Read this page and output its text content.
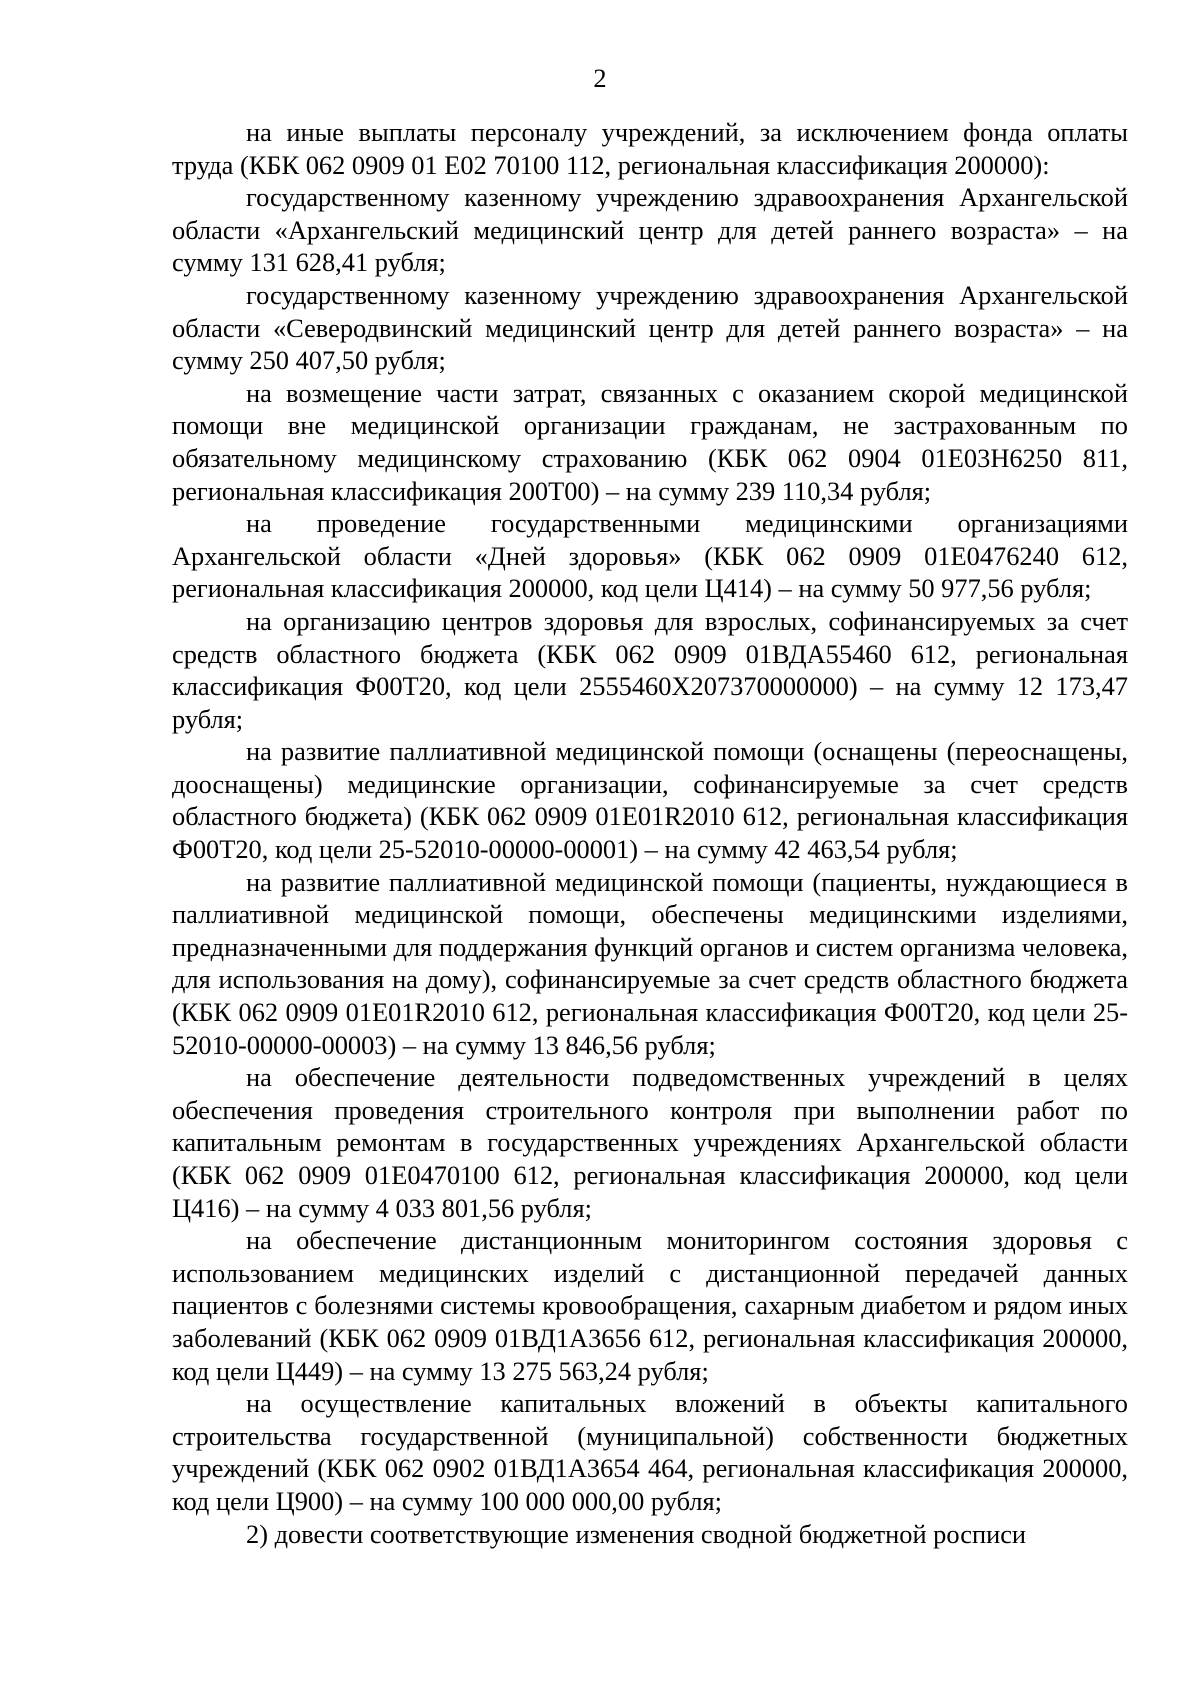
2

на иные выплаты персоналу учреждений, за исключением фонда оплаты труда (КБК 062 0909 01 Е02 70100 112, региональная классификация 200000):

государственному казенному учреждению здравоохранения Архангельской области «Архангельский медицинский центр для детей раннего возраста» – на сумму 131 628,41 рубля;

государственному казенному учреждению здравоохранения Архангельской области «Северодвинский медицинский центр для детей раннего возраста» – на сумму 250 407,50 рубля;

на возмещение части затрат, связанных с оказанием скорой медицинской помощи вне медицинской организации гражданам, не застрахованным по обязательному медицинскому страхованию (КБК 062 0904 01Е03Н6250 811, региональная классификация 200Т00) – на сумму 239 110,34 рубля;

на проведение государственными медицинскими организациями Архангельской области «Дней здоровья» (КБК 062 0909 01Е0476240 612, региональная классификация 200000, код цели Ц414) – на сумму 50 977,56 рубля;

на организацию центров здоровья для взрослых, софинансируемых за счет средств областного бюджета (КБК 062 0909 01ВДА55460 612, региональная классификация Ф00Т20, код цели 2555460Х207370000000) – на сумму 12 173,47 рубля;

на развитие паллиативной медицинской помощи (оснащены (переоснащены, дооснащены) медицинские организации, софинансируемые за счет средств областного бюджета) (КБК 062 0909 01Е01R2010 612, региональная классификация Ф00Т20, код цели 25-52010-00000-00001) – на сумму 42 463,54 рубля;

на развитие паллиативной медицинской помощи (пациенты, нуждающиеся в паллиативной медицинской помощи, обеспечены медицинскими изделиями, предназначенными для поддержания функций органов и систем организма человека, для использования на дому), софинансируемые за счет средств областного бюджета (КБК 062 0909 01Е01R2010 612, региональная классификация Ф00Т20, код цели 25-52010-00000-00003) – на сумму 13 846,56 рубля;

на обеспечение деятельности подведомственных учреждений в целях обеспечения проведения строительного контроля при выполнении работ по капитальным ремонтам в государственных учреждениях Архангельской области (КБК 062 0909 01Е0470100 612, региональная классификация 200000, код цели Ц416) – на сумму 4 033 801,56 рубля;

на обеспечение дистанционным мониторингом состояния здоровья с использованием медицинских изделий с дистанционной передачей данных пациентов с болезнями системы кровообращения, сахарным диабетом и рядом иных заболеваний (КБК 062 0909 01ВД1А3656 612, региональная классификация 200000, код цели Ц449) – на сумму 13 275 563,24 рубля;

на осуществление капитальных вложений в объекты капитального строительства государственной (муниципальной) собственности бюджетных учреждений (КБК 062 0902 01ВД1А3654 464, региональная классификация 200000, код цели Ц900) – на сумму 100 000 000,00 рубля;

2) довести соответствующие изменения сводной бюджетной росписи
